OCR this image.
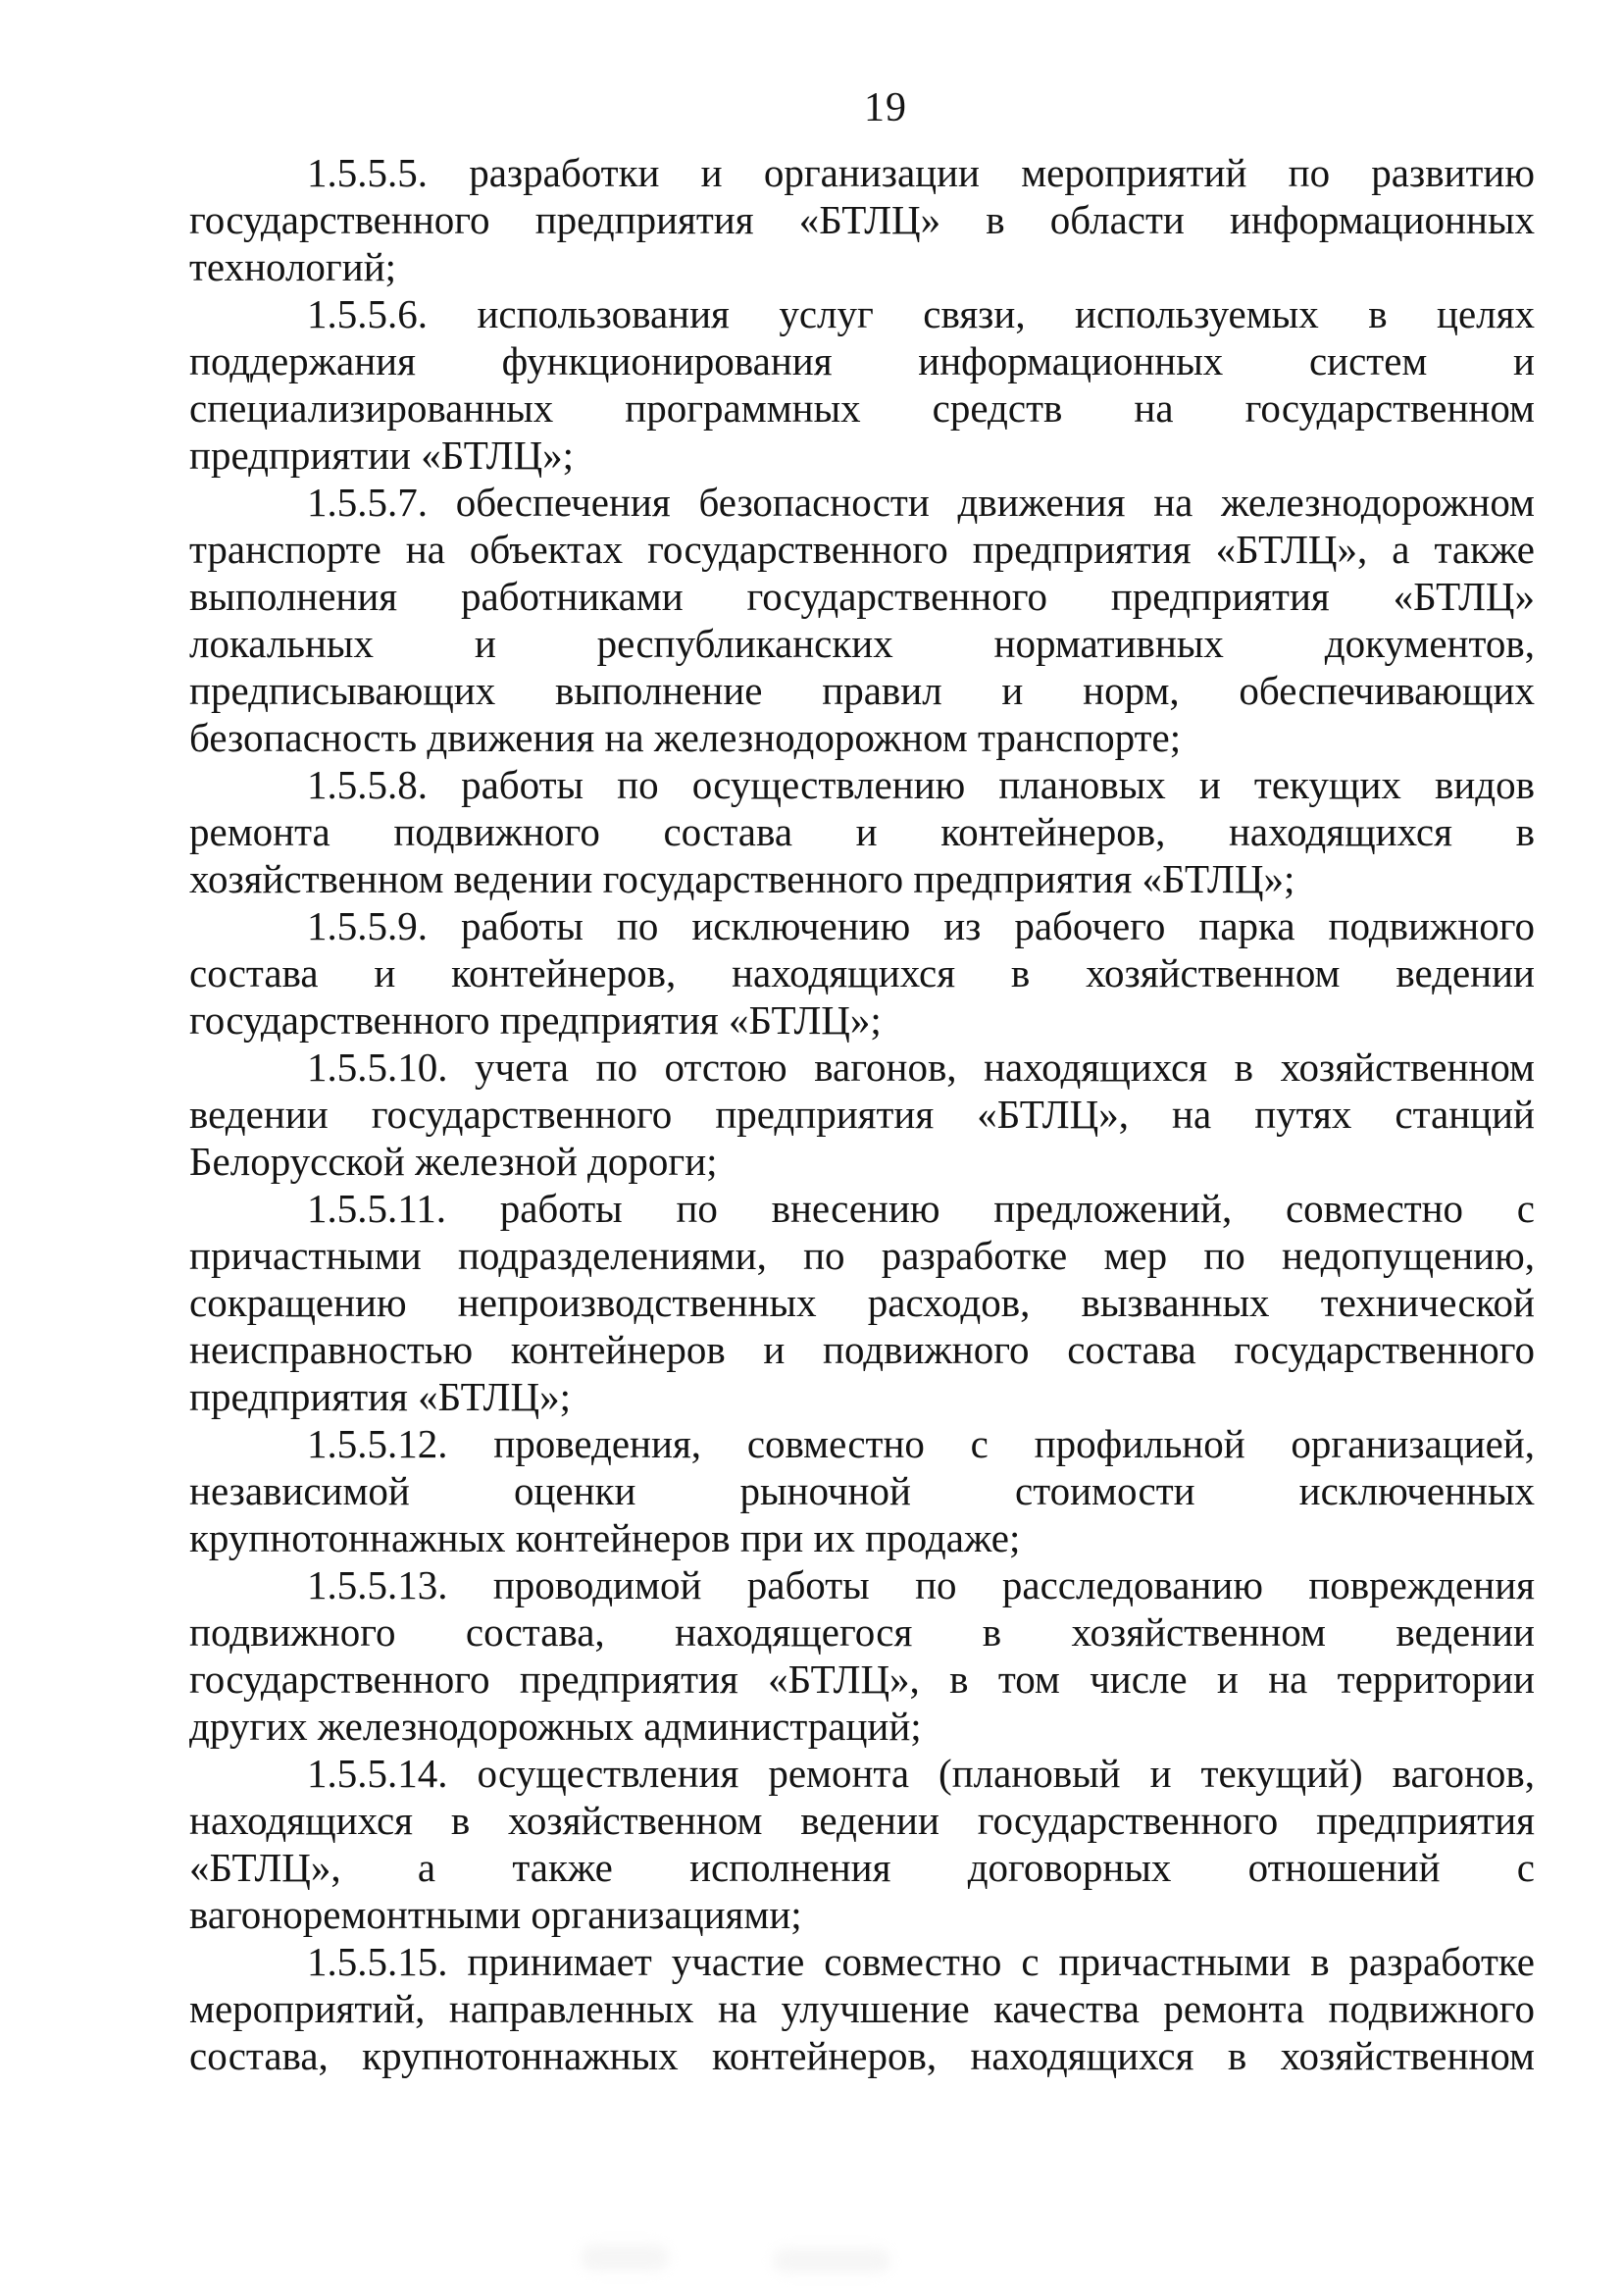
19
1.5.5.5. разработки и организации мероприятий по развитию
государственного предприятия «БТЛЦ» в области информационных
технологий;
1.5.5.6. использования услуг связи, используемых в целях
поддержания функционирования информационных систем и
специализированных программных средств на государственном
предприятии «БТЛЦ»;
1.5.5.7. обеспечения безопасности движения на железнодорожном
транспорте на объектах государственного предприятия «БТЛЦ», а также
выполнения работниками государственного предприятия «БТЛЦ»
локальных и республиканских нормативных документов,
предписывающих выполнение правил и норм, обеспечивающих
безопасность движения на железнодорожном транспорте;
1.5.5.8. работы по осуществлению плановых и текущих видов
ремонта подвижного состава и контейнеров, находящихся в
хозяйственном ведении государственного предприятия «БТЛЦ»;
1.5.5.9. работы по исключению из рабочего парка подвижного
состава и контейнеров, находящихся в хозяйственном ведении
государственного предприятия «БТЛЦ»;
1.5.5.10. учета по отстою вагонов, находящихся в хозяйственном
ведении государственного предприятия «БТЛЦ», на путях станций
Белорусской железной дороги;
1.5.5.11. работы по внесению предложений, совместно с
причастными подразделениями, по разработке мер по недопущению,
сокращению непроизводственных расходов, вызванных технической
неисправностью контейнеров и подвижного состава государственного
предприятия «БТЛЦ»;
1.5.5.12. проведения, совместно с профильной организацией,
независимой оценки рыночной стоимости исключенных
крупнотоннажных контейнеров при их продаже;
1.5.5.13. проводимой работы по расследованию повреждения
подвижного состава, находящегося в хозяйственном ведении
государственного предприятия «БТЛЦ», в том числе и на территории
других железнодорожных администраций;
1.5.5.14. осуществления ремонта (плановый и текущий) вагонов,
находящихся в хозяйственном ведении государственного предприятия
«БТЛЦ», а также исполнения договорных отношений с
вагоноремонтными организациями;
1.5.5.15. принимает участие совместно с причастными в разработке
мероприятий, направленных на улучшение качества ремонта подвижного
состава, крупнотоннажных контейнеров, находящихся в хозяйственном
